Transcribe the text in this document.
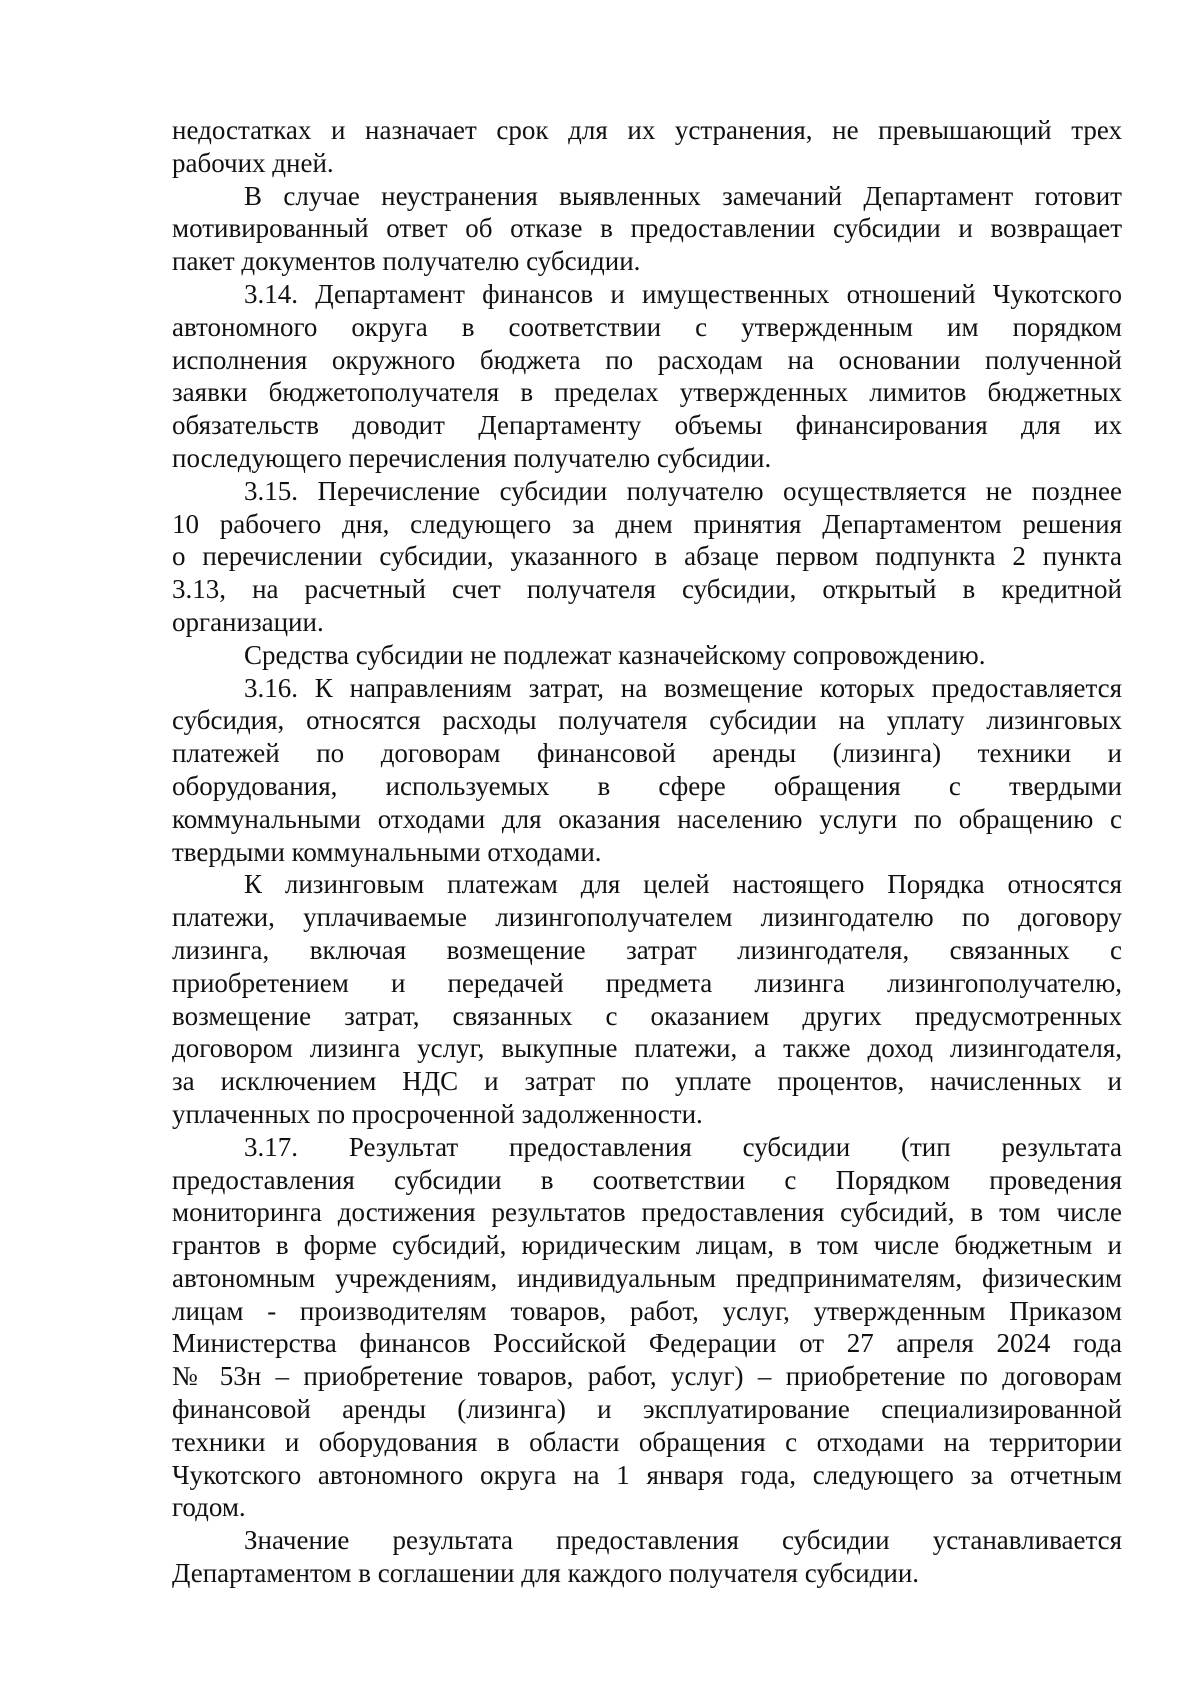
недостатках и назначает срок для их устранения, не превышающий трех
рабочих дней.
В случае неустранения выявленных замечаний Департамент готовит
мотивированный ответ об отказе в предоставлении субсидии и возвращает
пакет документов получателю субсидии.
3.14. Департамент финансов и имущественных отношений Чукотского
автономного округа в соответствии с утвержденным им порядком
исполнения окружного бюджета по расходам на основании полученной
заявки бюджетополучателя в пределах утвержденных лимитов бюджетных
обязательств доводит Департаменту объемы финансирования для их
последующего перечисления получателю субсидии.
3.15. Перечисление субсидии получателю осуществляется не позднее
10 рабочего дня, следующего за днем принятия Департаментом решения
о перечислении субсидии, указанного в абзаце первом подпункта 2 пункта
3.13, на расчетный счет получателя субсидии, открытый в кредитной
организации.
Средства субсидии не подлежат казначейскому сопровождению.
3.16. К направлениям затрат, на возмещение которых предоставляется
субсидия, относятся расходы получателя субсидии на уплату лизинговых
платежей по договорам финансовой аренды (лизинга) техники и
оборудования, используемых в сфере обращения с твердыми
коммунальными отходами для оказания населению услуги по обращению с
твердыми коммунальными отходами.
К лизинговым платежам для целей настоящего Порядка относятся
платежи, уплачиваемые лизингополучателем лизингодателю по договору
лизинга, включая возмещение затрат лизингодателя, связанных с
приобретением и передачей предмета лизинга лизингополучателю,
возмещение затрат, связанных с оказанием других предусмотренных
договором лизинга услуг, выкупные платежи, а также доход лизингодателя,
за исключением НДС и затрат по уплате процентов, начисленных и
уплаченных по просроченной задолженности.
3.17. Результат предоставления субсидии (тип результата
предоставления субсидии в соответствии с Порядком проведения
мониторинга достижения результатов предоставления субсидий, в том числе
грантов в форме субсидий, юридическим лицам, в том числе бюджетным и
автономным учреждениям, индивидуальным предпринимателям, физическим
лицам - производителям товаров, работ, услуг, утвержденным Приказом
Министерства финансов Российской Федерации от 27 апреля 2024 года
№ 53н – приобретение товаров, работ, услуг) – приобретение по договорам
финансовой аренды (лизинга) и эксплуатирование специализированной
техники и оборудования в области обращения с отходами на территории
Чукотского автономного округа на 1 января года, следующего за отчетным
годом.
Значение результата предоставления субсидии устанавливается
Департаментом в соглашении для каждого получателя субсидии.
